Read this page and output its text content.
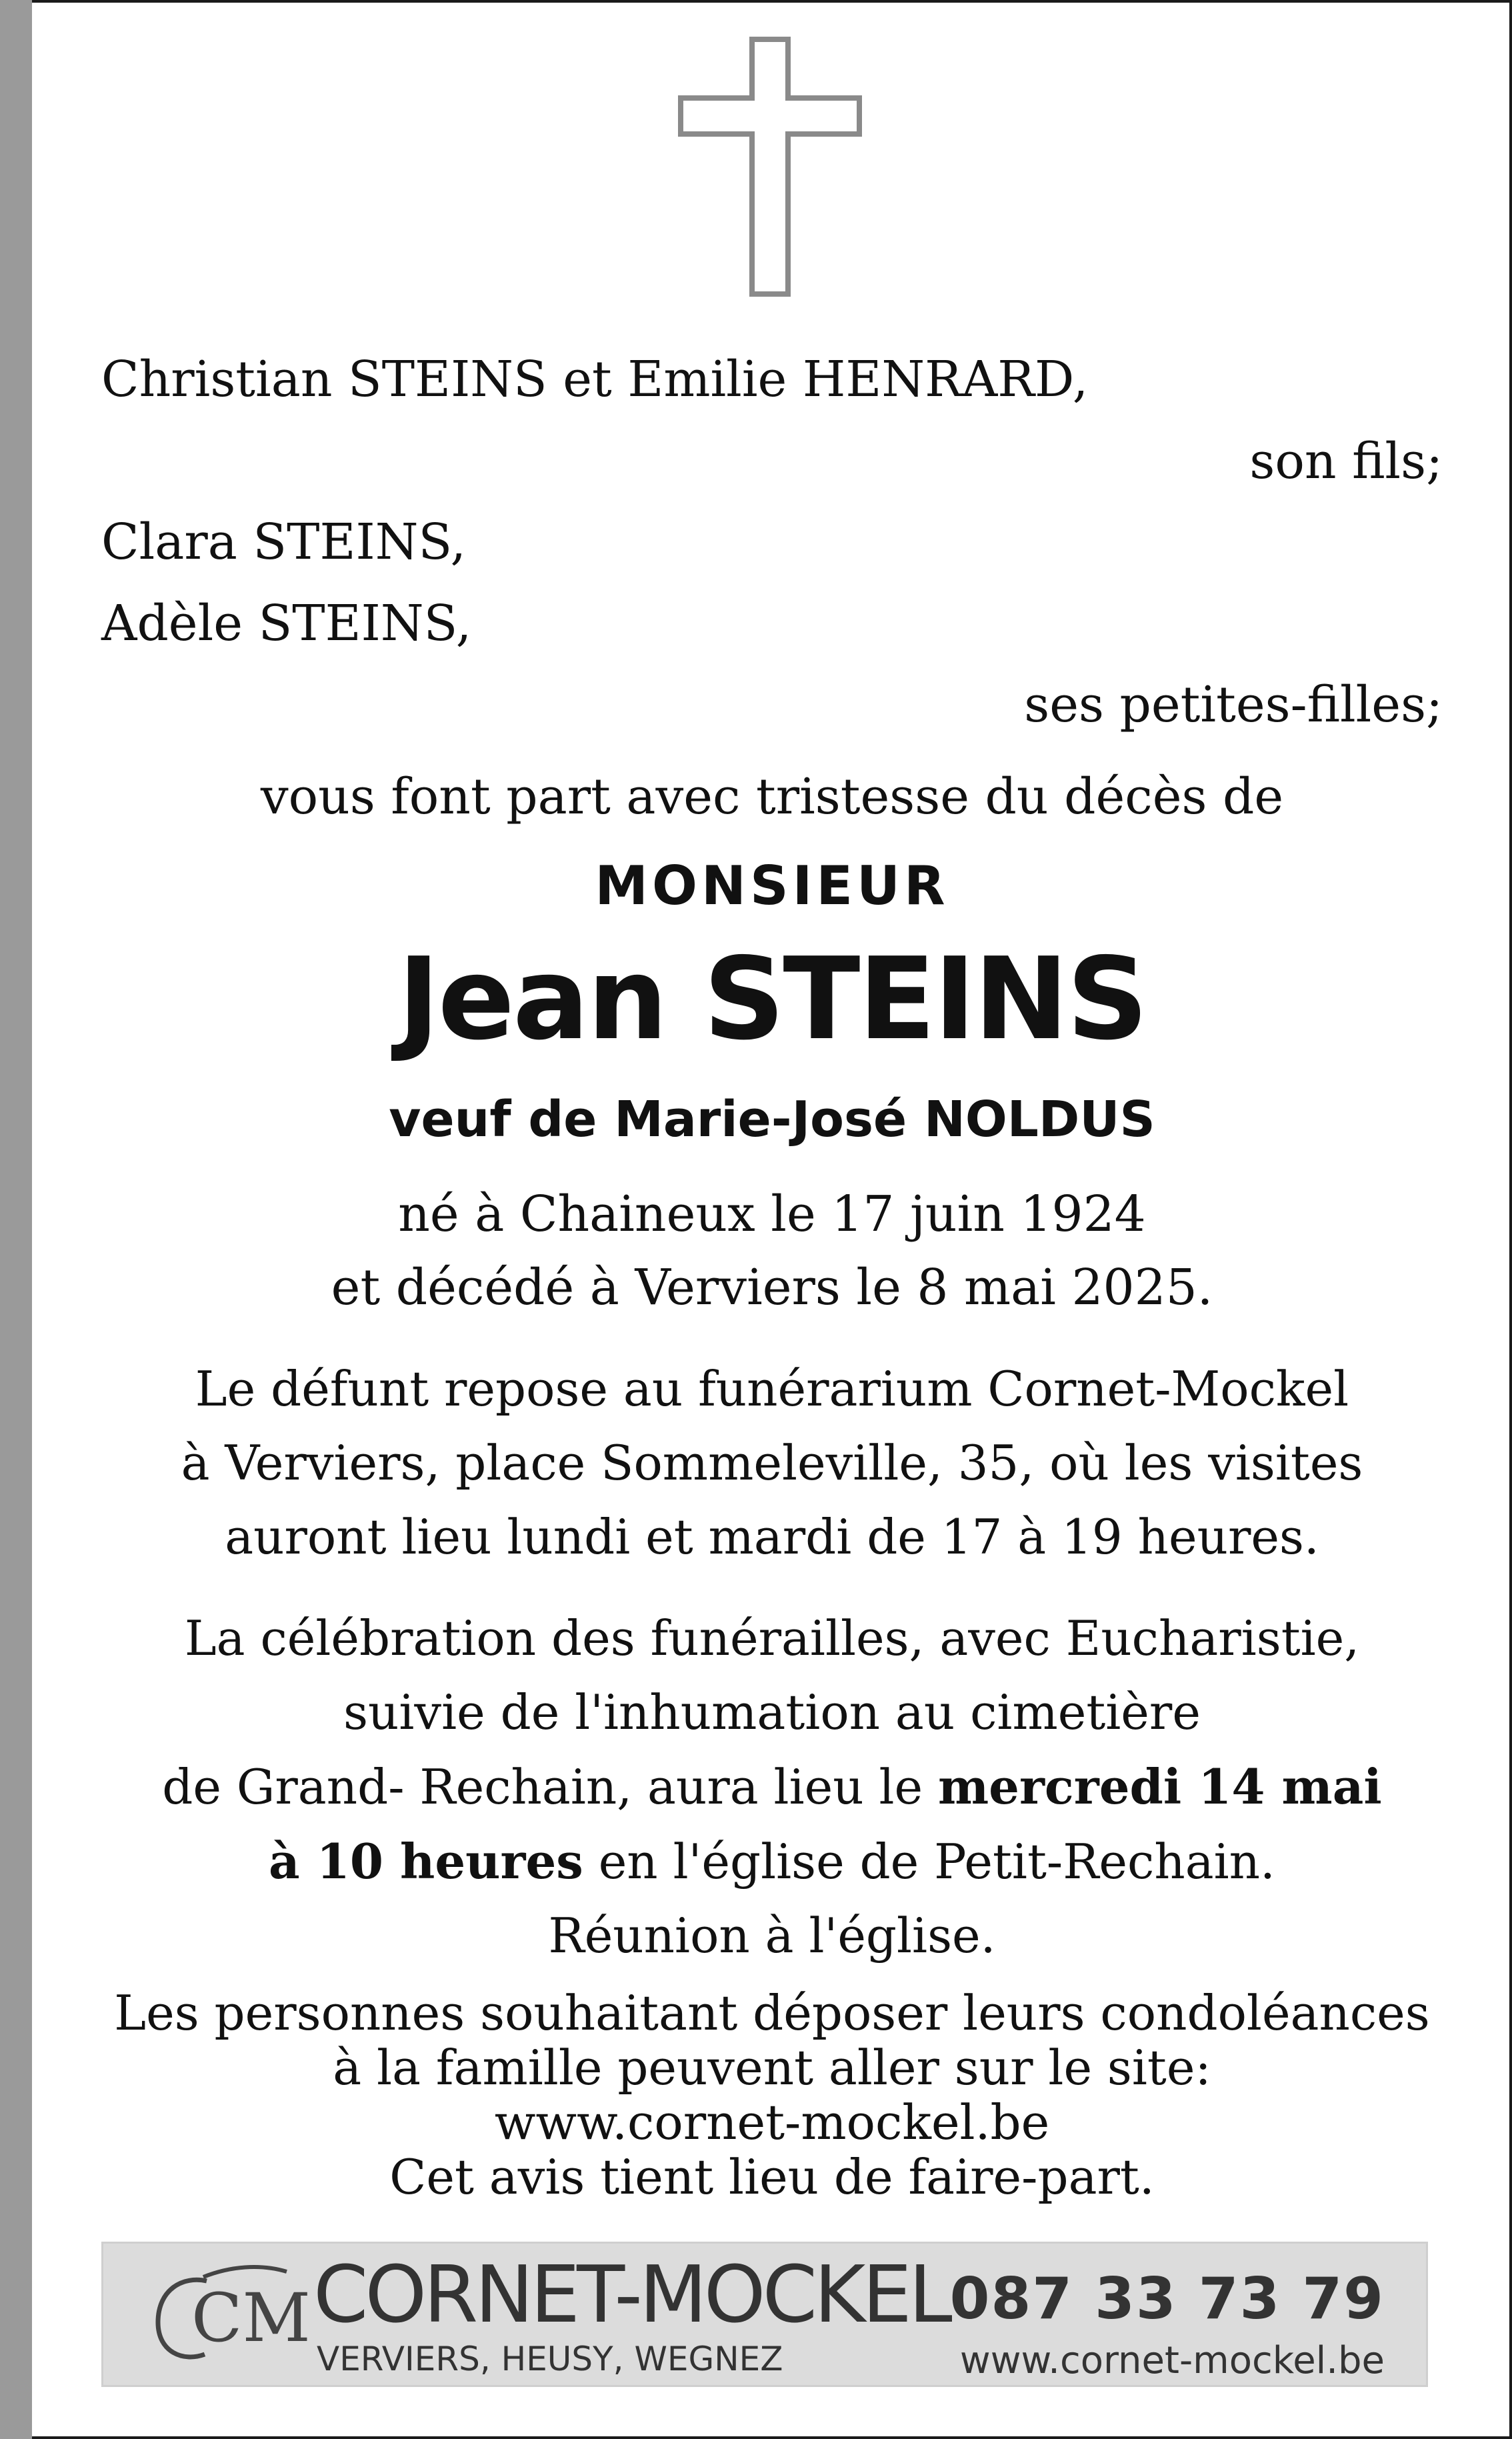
Christian STEINS et Emilie HENRARD,
son fils;
Clara STEINS,
Adèle STEINS,
ses petites-filles;
vous font part avec tristesse du décès de
MONSIEUR
Jean STEINS
veuf de Marie-José NOLDUS
né à Chaineux le 17 juin 1924
et décédé à Verviers le 8 mai 2025.
Le défunt repose au funérarium Cornet-Mockel
à Verviers, place Sommeleville, 35, où les visites
auront lieu lundi et mardi de 17 à 19 heures.
La célébration des funérailles, avec Eucharistie,
suivie de l'inhumation au cimetière
de Grand- Rechain, aura lieu le mercredi 14 mai
à 10 heures en l'église de Petit-Rechain.
Réunion à l'église.
Les personnes souhaitant déposer leurs condoléances
à la famille peuvent aller sur le site:
www.cornet-mockel.be
Cet avis tient lieu de faire-part.
CM CORNET-MOCKEL
VERVIERS, HEUSY, WEGNEZ
087 33 73 79
www.cornet-mockel.be
